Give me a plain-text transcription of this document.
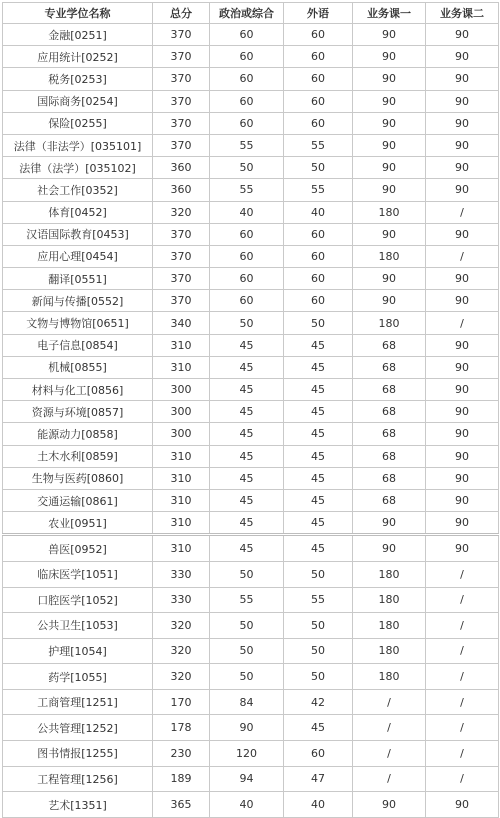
专业学位名称	总分	政治或综合	外语	业务课一	业务课二
金融[0251]	370	60	60	90	90
应用统计[0252]	370	60	60	90	90
税务[0253]	370	60	60	90	90
国际商务[0254]	370	60	60	90	90
保险[0255]	370	60	60	90	90
法律（非法学）[035101]	370	55	55	90	90
法律（法学）[035102]	360	50	50	90	90
社会工作[0352]	360	55	55	90	90
体育[0452]	320	40	40	180	/
汉语国际教育[0453]	370	60	60	90	90
应用心理[0454]	370	60	60	180	/
翻译[0551]	370	60	60	90	90
新闻与传播[0552]	370	60	60	90	90
文物与博物馆[0651]	340	50	50	180	/
电子信息[0854]	310	45	45	68	90
机械[0855]	310	45	45	68	90
材料与化工[0856]	300	45	45	68	90
资源与环境[0857]	300	45	45	68	90
能源动力[0858]	300	45	45	68	90
土木水利[0859]	310	45	45	68	90
生物与医药[0860]	310	45	45	68	90
交通运输[0861]	310	45	45	68	90
农业[0951]	310	45	45	90	90
兽医[0952]	310	45	45	90	90
临床医学[1051]	330	50	50	180	/
口腔医学[1052]	330	55	55	180	/
公共卫生[1053]	320	50	50	180	/
护理[1054]	320	50	50	180	/
药学[1055]	320	50	50	180	/
工商管理[1251]	170	84	42	/	/
公共管理[1252]	178	90	45	/	/
图书情报[1255]	230	120	60	/	/
工程管理[1256]	189	94	47	/	/
艺术[1351]	365	40	40	90	90
